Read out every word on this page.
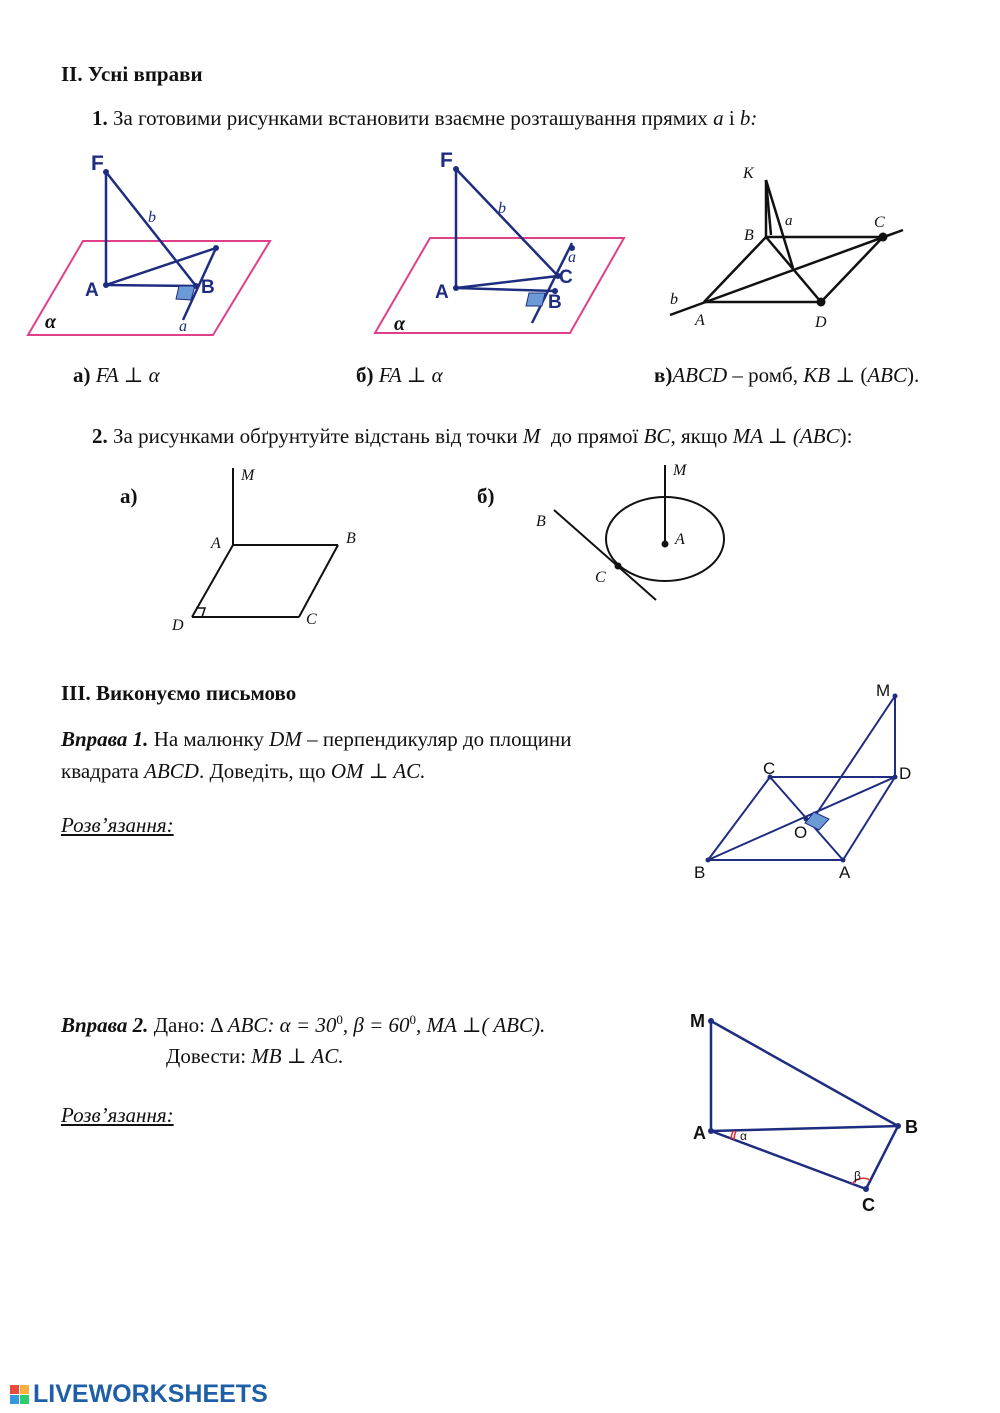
II. Усні вправи
1. За готовими рисунками встановити взаємне розташування прямих a і b:
F
A	B
b
a
α
F
A	B
C
b
a
α
K
B
C
A	D
a
b
а) FA ⊥ α	б) FA ⊥ α	в)ABCD – ромб, KB ⊥ (ABC).
2. За рисунками обґрунтуйте відстань від точки M до прямої BC, якщо MA ⊥ (ABC):
а)	б)
M
A	B
C
D
M
A
B
C
III. Виконуємо письмово
Вправа 1. На малюнку DM – перпендикуляр до площини
квадрата ABCD. Доведіть, що OM ⊥ AC.
Розв’язання:
M
C	D
O
B	A
Вправа 2. Дано: Δ ABC: $\alpha = 30^0$, $\beta = 60^0$, MA ⊥( ABC).
Довести: MB ⊥ AC.
Розв’язання:
M
A	B
C
α
β
LIVEWORKSHEETS
